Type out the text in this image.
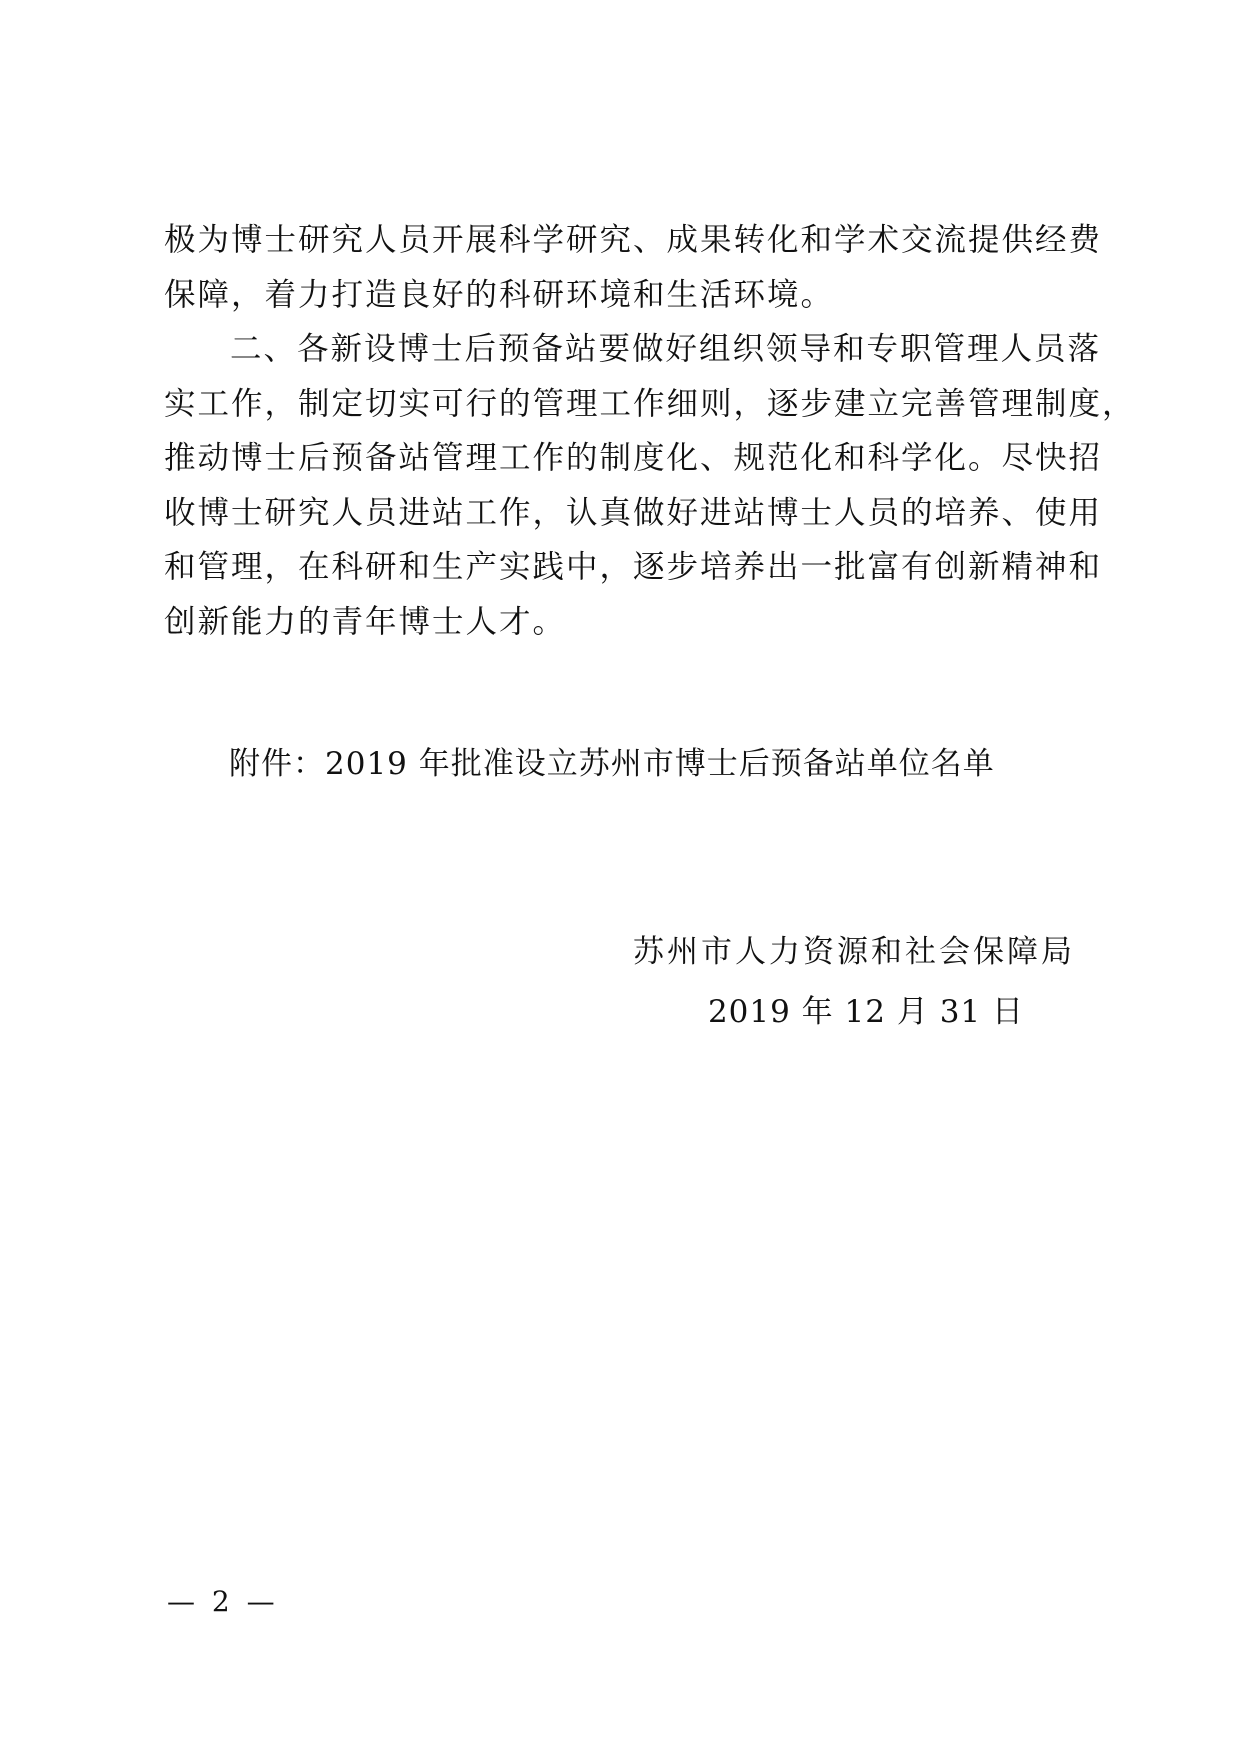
极为博士研究人员开展科学研究、成果转化和学术交流提供经费
保障，着力打造良好的科研环境和生活环境。
二、各新设博士后预备站要做好组织领导和专职管理人员落
实工作，制定切实可行的管理工作细则，逐步建立完善管理制度，
推动博士后预备站管理工作的制度化、规范化和科学化。尽快招
收博士研究人员进站工作，认真做好进站博士人员的培养、使用
和管理，在科研和生产实践中，逐步培养出一批富有创新精神和
创新能力的青年博士人才。
附件：2019 年批准设立苏州市博士后预备站单位名单
苏州市人力资源和社会保障局
2019 年 12 月 31 日
— 2 —
